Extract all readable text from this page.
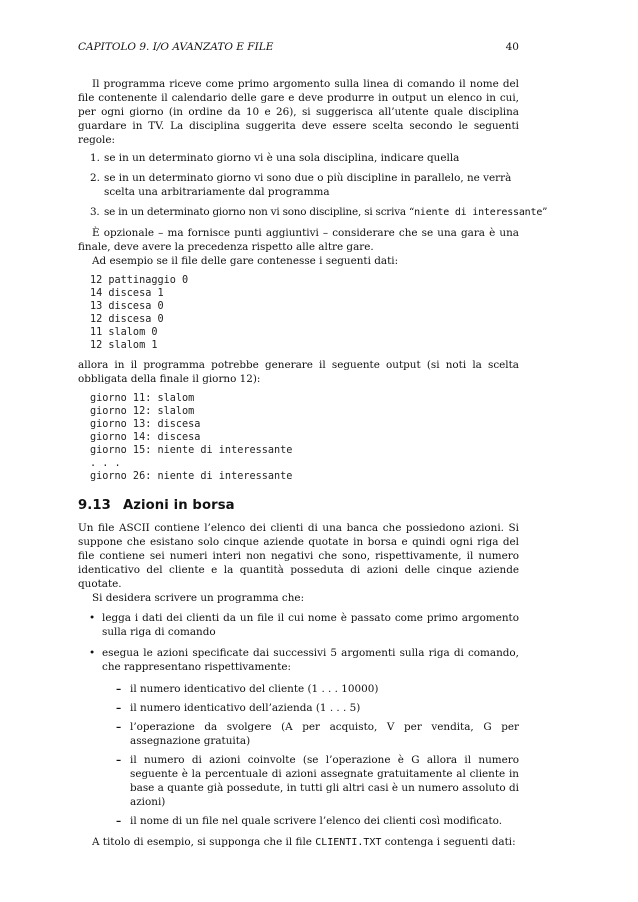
CAPITOLO 9. I/O AVANZATO E FILE	40

Il programma riceve come primo argomento sulla linea di comando il nome del file contenente il calendario delle gare e deve produrre in output un elenco in cui, per ogni giorno (in ordine da 10 e 26), si suggerisca all’utente quale disciplina guardare in TV. La disciplina suggerita deve essere scelta secondo le seguenti regole:

1. se in un determinato giorno vi è una sola disciplina, indicare quella
2. se in un determinato giorno vi sono due o più discipline in parallelo, ne verrà scelta una arbitrariamente dal programma
3. se in un determinato giorno non vi sono discipline, si scriva “niente di interessante”

È opzionale – ma fornisce punti aggiuntivi – considerare che se una gara è una finale, deve avere la precedenza rispetto alle altre gare.

Ad esempio se il file delle gare contenesse i seguenti dati:

12 pattinaggio 0
14 discesa 1
13 discesa 0
12 discesa 0
11 slalom 0
12 slalom 1

allora in il programma potrebbe generare il seguente output (si noti la scelta obbligata della finale il giorno 12):

giorno 11: slalom
giorno 12: slalom
giorno 13: discesa
giorno 14: discesa
giorno 15: niente di interessante
. . .
giorno 26: niente di interessante
9.13 Azioni in borsa

Un file ASCII contiene l’elenco dei clienti di una banca che possiedono azioni. Si suppone che esistano solo cinque aziende quotate in borsa e quindi ogni riga del file contiene sei numeri interi non negativi che sono, rispettivamente, il numero identicativo del cliente e la quantità posseduta di azioni delle cinque aziende quotate.

Si desidera scrivere un programma che:

• legga i dati dei clienti da un file il cui nome è passato come primo argomento sulla riga di comando
• esegua le azioni specificate dai successivi 5 argomenti sulla riga di comando, che rappresentano rispettivamente:
– il numero identicativo del cliente (1 . . . 10000)
– il numero identicativo dell’azienda (1 . . . 5)
– l’operazione da svolgere (A per acquisto, V per vendita, G per assegnazione gratuita)
– il numero di azioni coinvolte (se l’operazione è G allora il numero seguente è la percentuale di azioni assegnate gratuitamente al cliente in base a quante già possedute, in tutti gli altri casi è un numero assoluto di azioni)
– il nome di un file nel quale scrivere l’elenco dei clienti così modificato.

A titolo di esempio, si supponga che il file CLIENTI.TXT contenga i seguenti dati:
